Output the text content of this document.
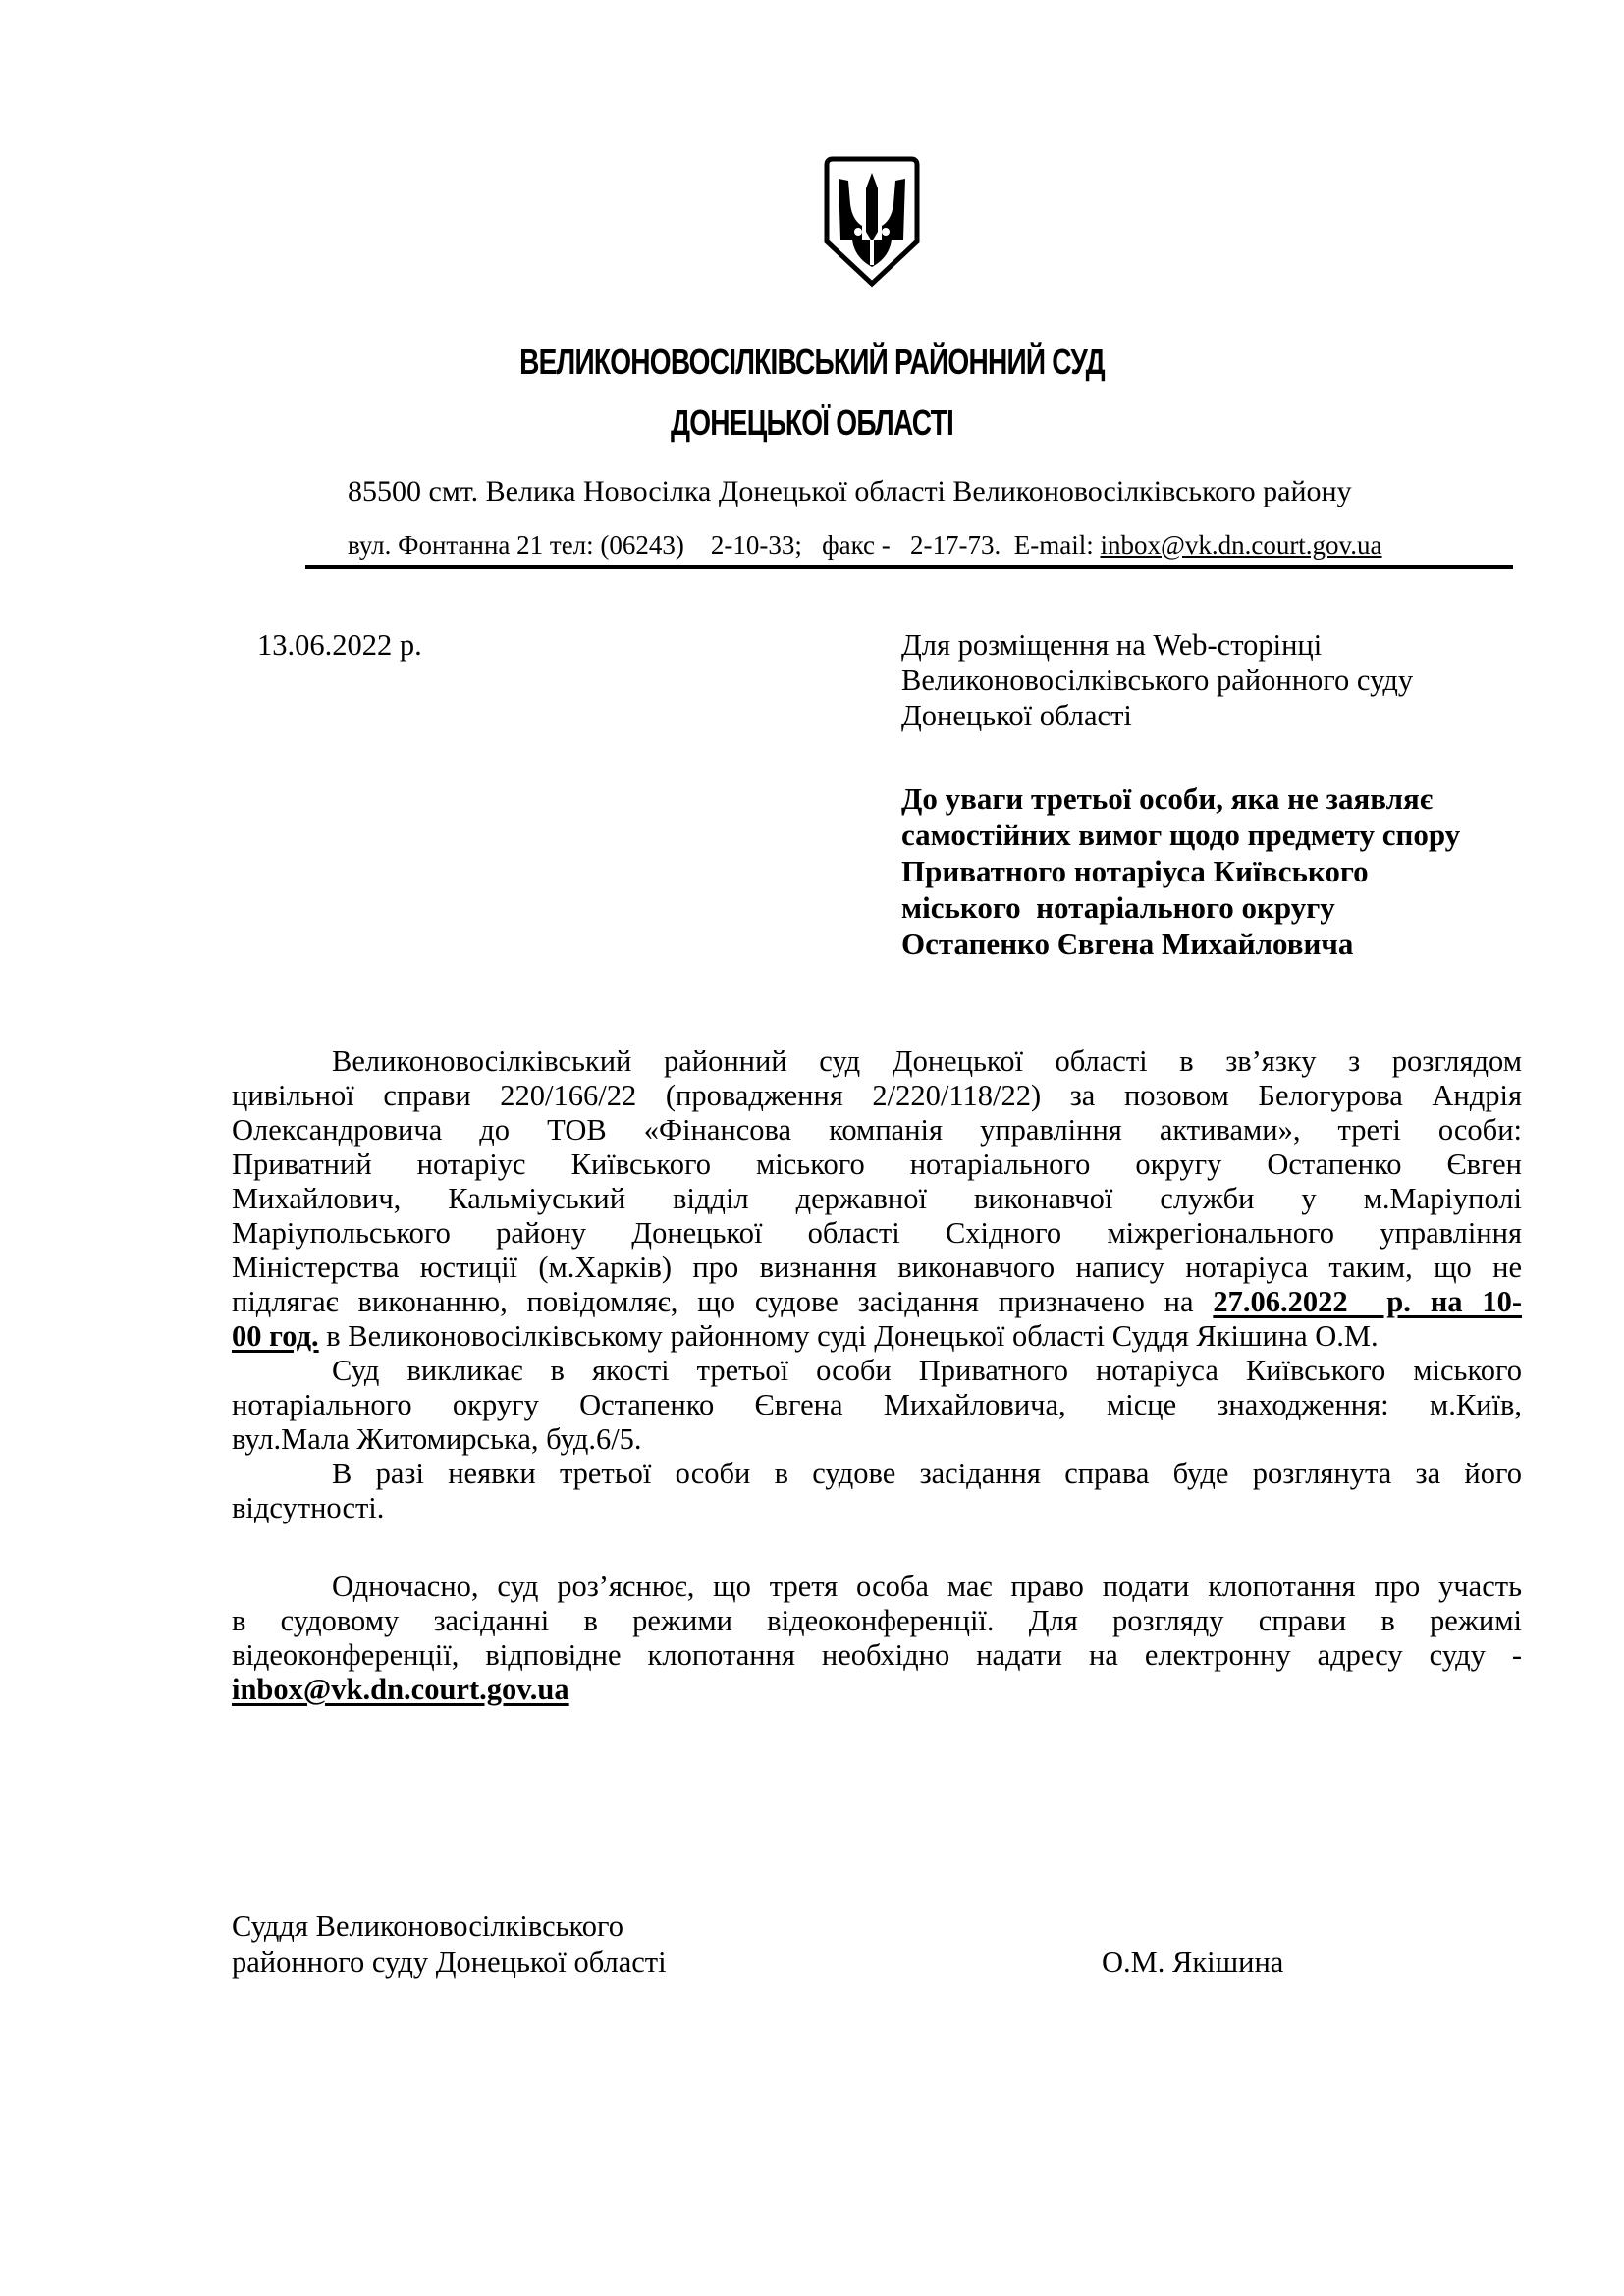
ВЕЛИКОНОВОСІЛКІВСЬКИЙ РАЙОННИЙ СУД
ДОНЕЦЬКОЇ ОБЛАСТІ
85500 смт. Велика Новосілка Донецької області Великоновосілківського району
вул. Фонтанна 21 тел: (06243)    2-10-33;   факс -   2-17-73.  E-mail: inbox@vk.dn.court.gov.ua
13.06.2022 р.	Для розміщення на Web-сторінці
Великоновосілківського районного суду
Донецької області
До уваги третьої особи, яка не заявляє
самостійних вимог щодо предмету спору
Приватного нотаріуса Київського
міського  нотаріального округу
Остапенко Євгена Михайловича
Великоновосілківський районний суд Донецької області в зв’язку з розглядом
цивільної справи 220/166/22 (провадження 2/220/118/22) за позовом Белогурова Андрія
Олександровича до ТОВ «Фінансова компанія управління активами», треті особи:
Приватний нотаріус Київського міського нотаріального округу Остапенко Євген
Михайлович, Кальміуський відділ державної виконавчої служби у м.Маріуполі
Маріупольського району Донецької області Східного міжрегіонального управління
Міністерства юстиції (м.Харків) про визнання виконавчого напису нотаріуса таким, що не
підлягає виконанню, повідомляє, що судове засідання призначено на 27.06.2022  р. на 10-
00 год. в Великоновосілківському районному суді Донецької області Суддя Якішина О.М.
Суд викликає в якості третьої особи Приватного нотаріуса Київського міського
нотаріального округу Остапенко Євгена Михайловича, місце знаходження: м.Київ,
вул.Мала Житомирська, буд.6/5.
В разі неявки третьої особи в судове засідання справа буде розглянута за його
відсутності.
Одночасно, суд роз’яснює, що третя особа має право подати клопотання про участь
в судовому засіданні в режими відеоконференції. Для розгляду справи в режимі
відеоконференції, відповідне клопотання необхідно надати на електронну адресу суду -
inbox@vk.dn.court.gov.ua
Суддя Великоновосілківського
районного суду Донецької області	О.М. Якішина
